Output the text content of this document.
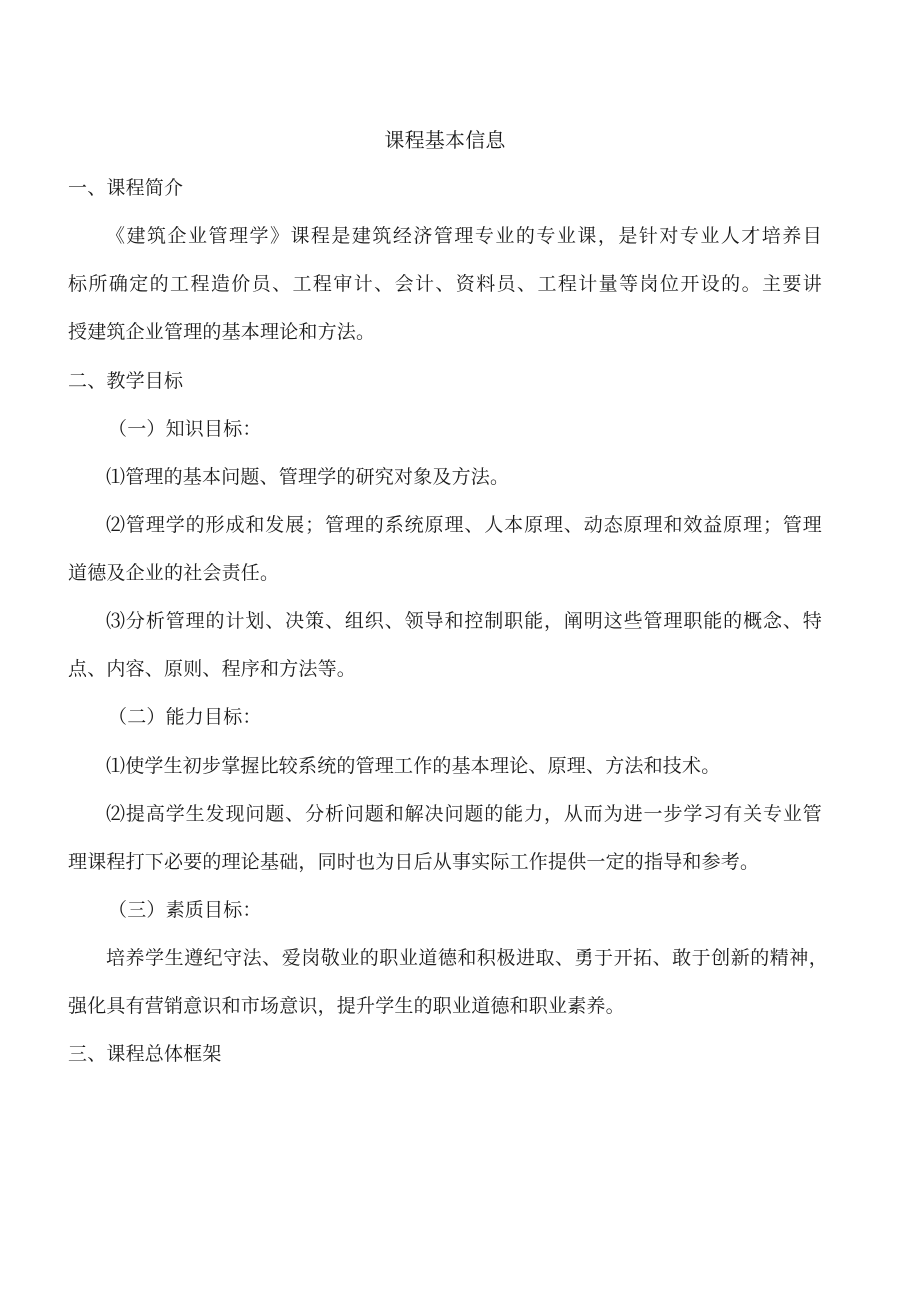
课程基本信息
一、课程简介
《建筑企业管理学》课程是建筑经济管理专业的专业课，是针对专业人才培养目
标所确定的工程造价员、工程审计、会计、资料员、工程计量等岗位开设的。主要讲
授建筑企业管理的基本理论和方法。
二、教学目标
（一）知识目标：
⑴管理的基本问题、管理学的研究对象及方法。
⑵管理学的形成和发展；管理的系统原理、人本原理、动态原理和效益原理；管理
道德及企业的社会责任。
⑶分析管理的计划、决策、组织、领导和控制职能，阐明这些管理职能的概念、特
点、内容、原则、程序和方法等。
（二）能力目标：
⑴使学生初步掌握比较系统的管理工作的基本理论、原理、方法和技术。
⑵提高学生发现问题、分析问题和解决问题的能力，从而为进一步学习有关专业管
理课程打下必要的理论基础，同时也为日后从事实际工作提供一定的指导和参考。
（三）素质目标：
培养学生遵纪守法、爱岗敬业的职业道德和积极进取、勇于开拓、敢于创新的精神，
强化具有营销意识和市场意识，提升学生的职业道德和职业素养。
三、课程总体框架
